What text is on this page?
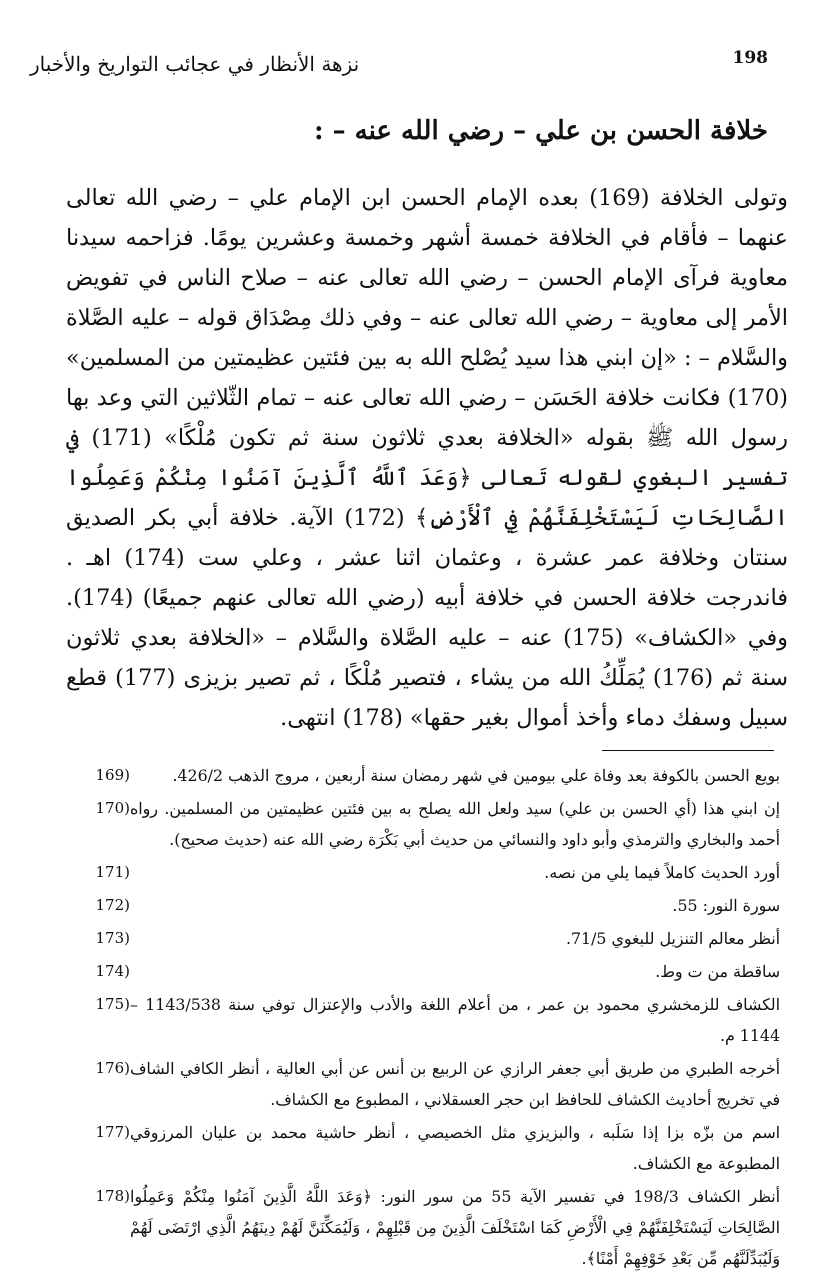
198
نزهة الأنظار في عجائب التواريخ والأخبار
خلافة الحسن بن علي – رضي الله عنه – :

وتولى الخلافة (169) بعده الإمام الحسن ابن الإمام علي – رضي الله تعالى عنهما – فأقام في الخلافة خمسة أشهر وخمسة وعشرين يومًا. فزاحمه سيدنا معاوية فرآى الإمام الحسن – رضي الله تعالى عنه – صلاح الناس في تفويض الأمر إلى معاوية – رضي الله تعالى عنه – وفي ذلك مِصْدَاق قوله – عليه الصَّلاة والسَّلام – : «إن ابني هذا سيد يُصْلح الله به بين فئتين عظيمتين من المسلمين» (170) فكانت خلافة الحَسَن – رضي الله تعالى عنه – تمام الثّلاثين التي وعد بها رسول الله ﷺ بقوله «الخلافة بعدي ثلاثون سنة ثم تكون مُلْكًا» (171) في تفسير البغوي لقوله تَعالى ﴿وَعَدَ ٱللَّهُ ٱلَّذِينَ آمَنُوا مِنْكُمْ وَعَمِلُوا الصَّالِحَاتِ لَيَسْتَخْلِفَنَّهُمْ فِي ٱلْأَرْضِ﴾ (172) الآية. خلافة أبي بكر الصديق سنتان وخلافة عمر عشرة ، وعثمان اثنا عشر ، وعلي ست (174) اهـ . فاندرجت خلافة الحسن في خلافة أبيه (رضي الله تعالى عنهم جميعًا) (174). وفي «الكشاف» (175) عنه – عليه الصَّلاة والسَّلام – «الخلافة بعدي ثلاثون سنة ثم (176) يُمَلِّكُ الله من يشاء ، فتصير مُلْكًا ، ثم تصير بزيزى (177) قطع سبيل وسفك دماء وأخذ أموال بغير حقها» (178) انتهى.

بويع الحسن بالكوفة بعد وفاة علي بيومين في شهر رمضان سنة أربعين ، مروج الذهب 426/2.
169)
إن ابني هذا (أي الحسن بن علي) سيد ولعل الله يصلح به بين فئتين عظيمتين من المسلمين. رواه أحمد والبخاري والترمذي وأبو داود والنسائي من حديث أبي بَكْرَة رضي الله عنه (حديث صحيح).
170)
أورد الحديث كاملاً فيما يلي من نصه.
171)
سورة النور: 55.
172)
أنظر معالم التنزيل للبغوي 71/5.
173)
ساقطة من ت وط.
174)
الكشاف للزمخشري محمود بن عمر ، من أعلام اللغة والأدب والإعتزال توفي سنة 1143/538 – 1144 م.
175)
أخرجه الطبري من طريق أبي جعفر الرازي عن الربيع بن أنس عن أبي العالية ، أنظر الكافي الشاف في تخريج أحاديث الكشاف للحافظ ابن حجر العسقلاني ، المطبوع مع الكشاف.
176)
اسم من بزّه بزا إذا سَلَبه ، والبزيزي مثل الخصيصي ، أنظر حاشية محمد بن عليان المرزوقي المطبوعة مع الكشاف.
177)
أنظر الكشاف 198/3 في تفسير الآية 55 من سور النور: ﴿وَعَدَ اللَّهُ الَّذِينَ آمَنُوا مِنْكُمْ وَعَمِلُوا الصَّالِحَاتِ لَيَسْتَخْلِفَنَّهُمْ فِي الْأَرْضِ كَمَا اسْتَخْلَفَ الَّذِينَ مِن قَبْلِهِمْ ، وَلَيُمَكِّنَنَّ لَهُمْ دِينَهُمُ الَّذِي ارْتَضَى لَهُمْ وَلَيُبَدِّلَنَّهُم مِّن بَعْدِ خَوْفِهِمْ أَمْنًا﴾.
178)
